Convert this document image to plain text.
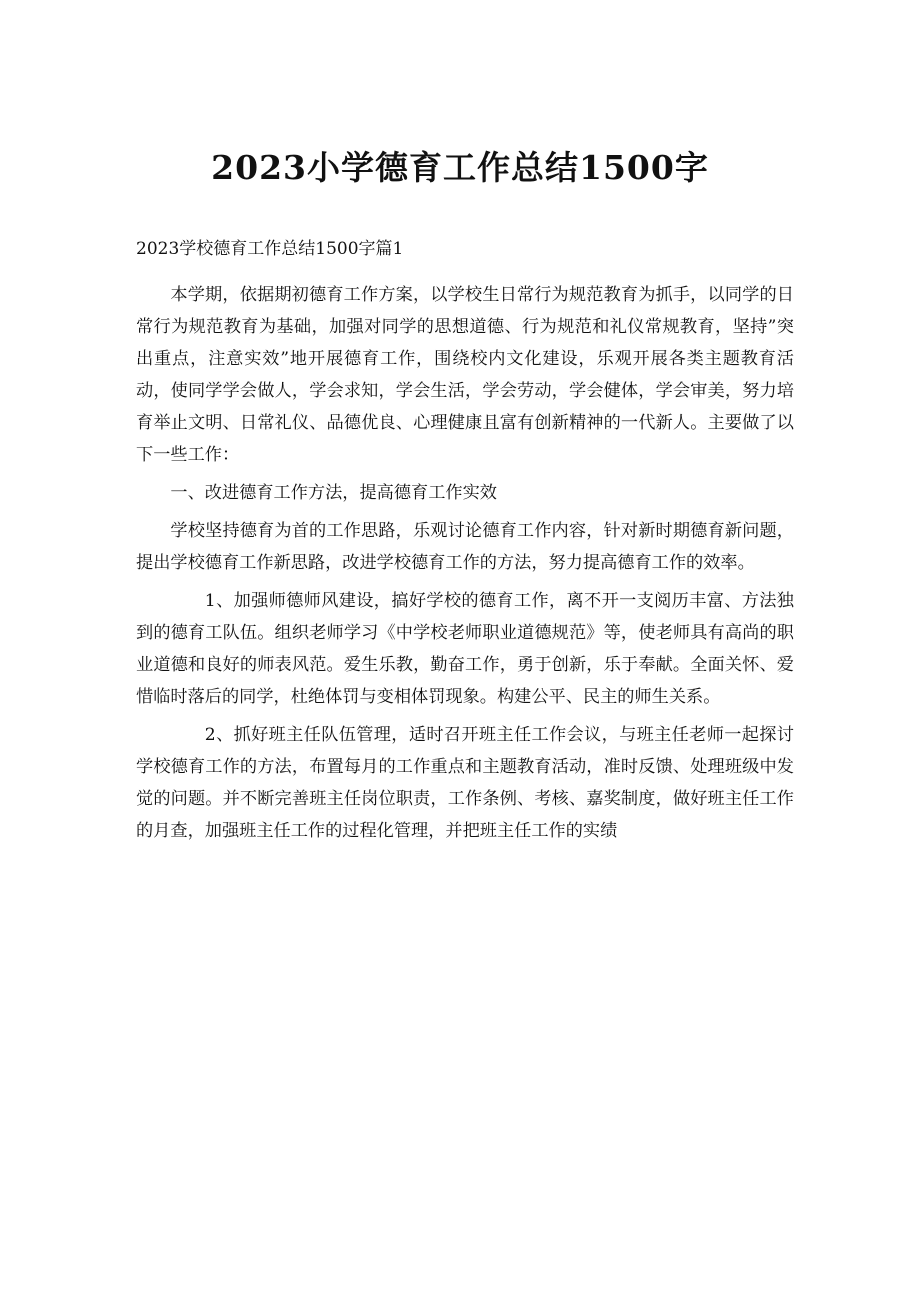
2023小学德育工作总结1500字

2023学校德育工作总结1500字篇1

本学期，依据期初德育工作方案，以学校生日常行为规范教育为抓手，以同学的日常行为规范教育为基础，加强对同学的思想道德、行为规范和礼仪常规教育，坚持”突出重点，注意实效”地开展德育工作，围绕校内文化建设，乐观开展各类主题教育活动，使同学学会做人，学会求知，学会生活，学会劳动，学会健体，学会审美，努力培育举止文明、日常礼仪、品德优良、心理健康且富有创新精神的一代新人。主要做了以下一些工作：

一、改进德育工作方法，提高德育工作实效

学校坚持德育为首的工作思路，乐观讨论德育工作内容，针对新时期德育新问题，提出学校德育工作新思路，改进学校德育工作的方法，努力提高德育工作的效率。

1、加强师德师风建设，搞好学校的德育工作，离不开一支阅历丰富、方法独到的德育工队伍。组织老师学习《中学校老师职业道德规范》等，使老师具有高尚的职业道德和良好的师表风范。爱生乐教，勤奋工作，勇于创新，乐于奉献。全面关怀、爱惜临时落后的同学，杜绝体罚与变相体罚现象。构建公平、民主的师生关系。

2、抓好班主任队伍管理，适时召开班主任工作会议，与班主任老师一起探讨学校德育工作的方法，布置每月的工作重点和主题教育活动，准时反馈、处理班级中发觉的问题。并不断完善班主任岗位职责，工作条例、考核、嘉奖制度，做好班主任工作的月查，加强班主任工作的过程化管理，并把班主任工作的实绩
